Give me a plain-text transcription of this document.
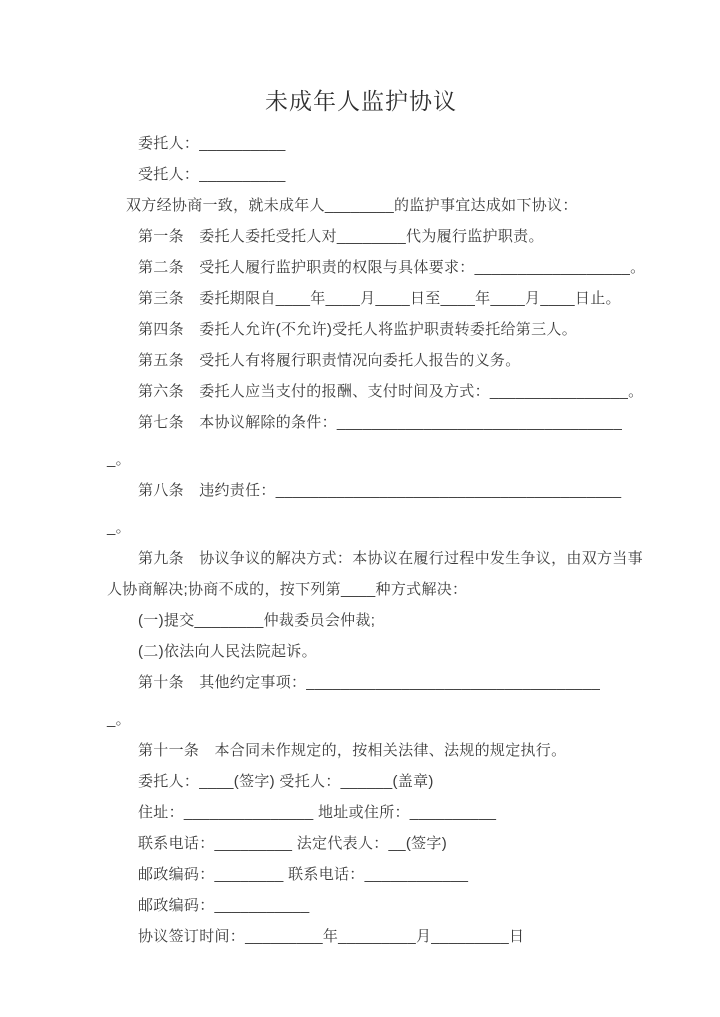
未成年人监护协议
委托人：__________
受托人：__________
双方经协商一致，就未成年人________的监护事宜达成如下协议：
第一条　委托人委托受托人对________代为履行监护职责。
第二条　受托人履行监护职责的权限与具体要求：__________________。
第三条　委托期限自____年____月____日至____年____月____日止。
第四条　委托人允许(不允许)受托人将监护职责转委托给第三人。
第五条　受托人有将履行职责情况向委托人报告的义务。
第六条　委托人应当支付的报酬、支付时间及方式：________________。
第七条　本协议解除的条件：_________________________________
_。
第八条　违约责任：________________________________________
_。
第九条　协议争议的解决方式：本协议在履行过程中发生争议，由双方当事
人协商解决;协商不成的，按下列第____种方式解决：
(一)提交________仲裁委员会仲裁;
(二)依法向人民法院起诉。
第十条　其他约定事项：__________________________________
_。
第十一条　本合同未作规定的，按相关法律、法规的规定执行。
委托人：____(签字) 受托人：______(盖章)
住址：_______________ 地址或住所：__________
联系电话：_________ 法定代表人：__(签字)
邮政编码：________ 联系电话：____________
邮政编码：___________
协议签订时间：_________年_________月_________日
